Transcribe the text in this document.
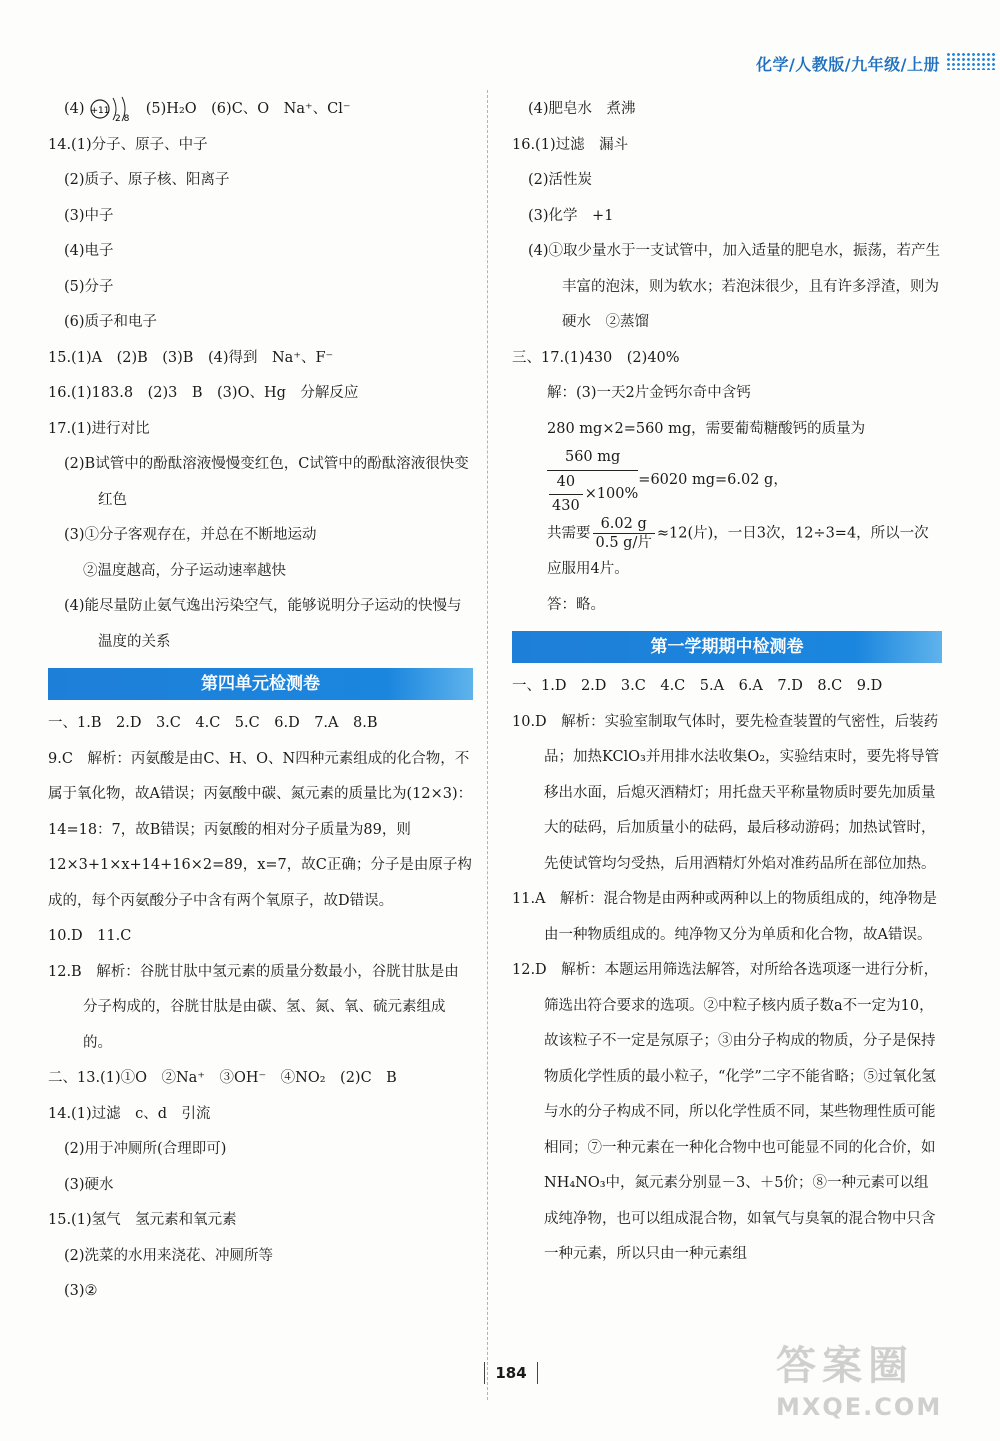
化学/人教版/九年级/上册

(4) +11
2 8
(5)H₂O　(6)C、O　Na⁺、Cl⁻

14.(1)分子、原子、中子

(2)质子、原子核、阳离子

(3)中子

(4)电子

(5)分子

(6)质子和电子

15.(1)A　(2)B　(3)B　(4)得到　Na⁺、F⁻

16.(1)183.8　(2)3　B　(3)O、Hg　分解反应

17.(1)进行对比

(2)B试管中的酚酞溶液慢慢变红色，C试管中的酚酞溶液很快变红色

(3)①分子客观存在，并总在不断地运动

②温度越高，分子运动速率越快

(4)能尽量防止氨气逸出污染空气，能够说明分子运动的快慢与温度的关系

第四单元检测卷

一、1.B　2.D　3.C　4.C　5.C　6.D　7.A　8.B

9.C　解析：丙氨酸是由C、H、O、N四种元素组成的化合物，不属于氧化物，故A错误；丙氨酸中碳、氮元素的质量比为(12×3)：14=18：7，故B错误；丙氨酸的相对分子质量为89，则12×3+1×x+14+16×2=89，x=7，故C正确；分子是由原子构成的，每个丙氨酸分子中含有两个氧原子，故D错误。

10.D　11.C

12.B　解析：谷胱甘肽中氢元素的质量分数最小，谷胱甘肽是由分子构成的，谷胱甘肽是由碳、氢、氮、氧、硫元素组成的。

二、13.(1)①O　②Na⁺　③OH⁻　④NO₂　(2)C　B

14.(1)过滤　c、d　引流

(2)用于冲厕所(合理即可)

(3)硬水

15.(1)氢气　氢元素和氧元素

(2)洗菜的水用来浇花、冲厕所等

(3)②

(4)肥皂水　煮沸

16.(1)过滤　漏斗

(2)活性炭

(3)化学　+1

(4)①取少量水于一支试管中，加入适量的肥皂水，振荡，若产生丰富的泡沫，则为软水；若泡沫很少，且有许多浮渣，则为硬水　②蒸馏

三、17.(1)430　(2)40%

解：(3)一天2片金钙尔奇中含钙

280 mg×2=560 mg，需要葡萄糖酸钙的质量为

$\frac{560 mg}{\frac{40}{430} \times 100\%} =6020$ mg=6.02 g，

共需要 $\frac{6.02 g}{\text{0.5 g/片}} \approx 12$(片)，一日3次，12÷3=4，所以一次应服用4片。

答：略。

第一学期期中检测卷

一、1.D　2.D　3.C　4.C　5.A　6.A　7.D　8.C　9.D

10.D　解析：实验室制取气体时，要先检查装置的气密性，后装药品；加热KClO₃并用排水法收集O₂，实验结束时，要先将导管移出水面，后熄灭酒精灯；用托盘天平称量物质时要先加质量大的砝码，后加质量小的砝码，最后移动游码；加热试管时，先使试管均匀受热，后用酒精灯外焰对准药品所在部位加热。

11.A　解析：混合物是由两种或两种以上的物质组成的，纯净物是由一种物质组成的。纯净物又分为单质和化合物，故A错误。

12.D　解析：本题运用筛选法解答，对所给各选项逐一进行分析，筛选出符合要求的选项。②中粒子核内质子数a不一定为10，故该粒子不一定是氖原子；③由分子构成的物质，分子是保持物质化学性质的最小粒子，“化学”二字不能省略；⑤过氧化氢与水的分子构成不同，所以化学性质不同，某些物理性质可能相同；⑦一种元素在一种化合物中也可能显不同的化合价，如NH₄NO₃中，氮元素分别显－3、＋5价；⑧一种元素可以组成纯净物，也可以组成混合物，如氧气与臭氧的混合物中只含一种元素，所以只由一种元素组

184	答案圈
MXQE.COM
